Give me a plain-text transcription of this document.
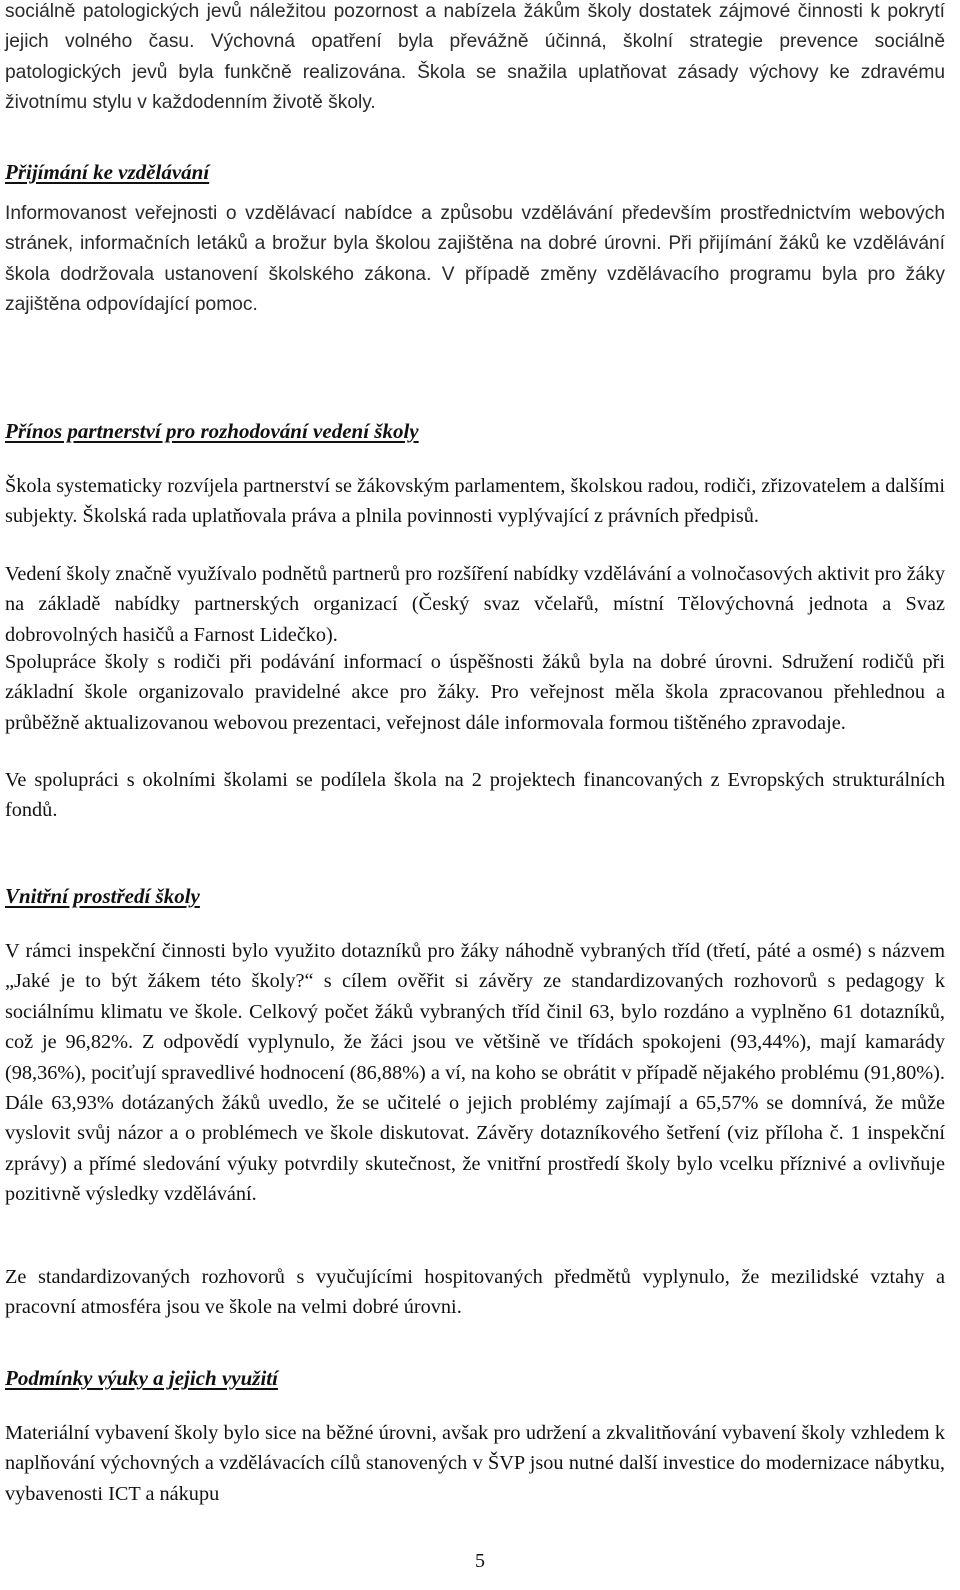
sociálně patologických jevů náležitou pozornost a nabízela žákům školy dostatek zájmové činnosti k pokrytí jejich volného času. Výchovná opatření byla převážně účinná, školní strategie prevence sociálně patologických jevů byla funkčně realizována. Škola se snažila uplatňovat zásady výchovy ke zdravému životnímu stylu v každodenním životě školy.

Přijímání ke vzdělávání

Informovanost veřejnosti o vzdělávací nabídce a způsobu vzdělávání především prostřednictvím webových stránek, informačních letáků a brožur byla školou zajištěna na dobré úrovni. Při přijímání žáků ke vzdělávání škola dodržovala ustanovení školského zákona. V případě změny vzdělávacího programu byla pro žáky zajištěna odpovídající pomoc.

Přínos partnerství pro rozhodování vedení školy

Škola systematicky rozvíjela partnerství se žákovským parlamentem, školskou radou, rodiči, zřizovatelem a dalšími subjekty. Školská rada uplatňovala práva a plnila povinnosti vyplývající z právních předpisů.

Vedení školy značně využívalo podnětů partnerů pro rozšíření nabídky vzdělávání a volnočasových aktivit pro žáky na základě nabídky partnerských organizací (Český svaz včelařů, místní Tělovýchovná jednota a Svaz dobrovolných hasičů a Farnost Lidečko).

Spolupráce školy s rodiči při podávání informací o úspěšnosti žáků byla na dobré úrovni. Sdružení rodičů při základní škole organizovalo pravidelné akce pro žáky. Pro veřejnost měla škola zpracovanou přehlednou a průběžně aktualizovanou webovou prezentaci, veřejnost dále informovala formou tištěného zpravodaje.

Ve spolupráci s okolními školami se podílela škola na 2 projektech financovaných z Evropských strukturálních fondů.

Vnitřní prostředí školy

V rámci inspekční činnosti bylo využito dotazníků pro žáky náhodně vybraných tříd (třetí, páté a osmé) s názvem „Jaké je to být žákem této školy?“ s cílem ověřit si závěry ze standardizovaných rozhovorů s pedagogy k sociálnímu klimatu ve škole. Celkový počet žáků vybraných tříd činil 63, bylo rozdáno a vyplněno 61 dotazníků, což je 96,82%. Z odpovědí vyplynulo, že žáci jsou ve většině ve třídách spokojeni (93,44%), mají kamarády (98,36%), pociťují spravedlivé hodnocení (86,88%) a ví, na koho se obrátit v případě nějakého problému (91,80%). Dále 63,93% dotázaných žáků uvedlo, že se učitelé o jejich problémy zajímají a 65,57% se domnívá, že může vyslovit svůj názor a o problémech ve škole diskutovat. Závěry dotazníkového šetření (viz příloha č. 1 inspekční zprávy) a přímé sledování výuky potvrdily skutečnost, že vnitřní prostředí školy bylo vcelku příznivé a ovlivňuje pozitivně výsledky vzdělávání.

Ze standardizovaných rozhovorů s vyučujícími hospitovaných předmětů vyplynulo, že mezilidské vztahy a pracovní atmosféra jsou ve škole na velmi dobré úrovni.

Podmínky výuky a jejich využití

Materiální vybavení školy bylo sice na běžné úrovni, avšak pro udržení a zkvalitňování vybavení školy vzhledem k naplňování výchovných a vzdělávacích cílů stanovených v ŠVP jsou nutné další investice do modernizace nábytku, vybavenosti ICT a nákupu

5
